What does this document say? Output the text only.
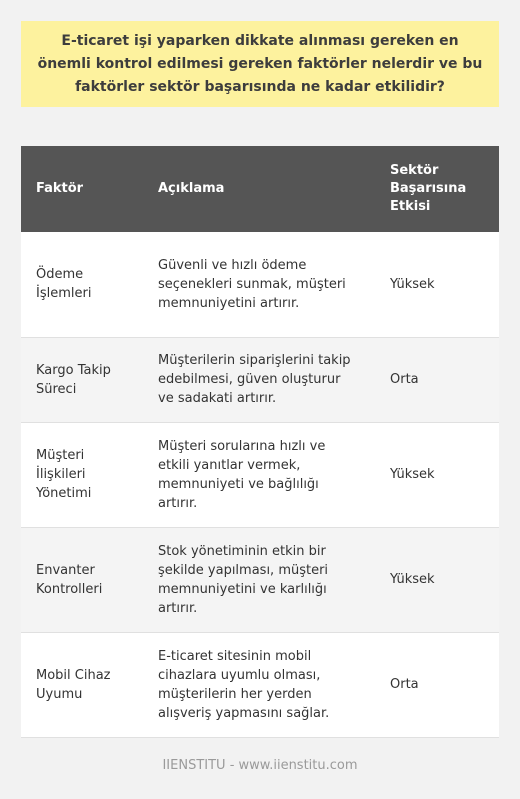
E-ticaret işi yaparken dikkate alınması gereken en önemli kontrol edilmesi gereken faktörler nelerdir ve bu faktörler sektör başarısında ne kadar etkilidir?

Faktör	Açıklama	Sektör Başarısına Etkisi
Ödeme İşlemleri	Güvenli ve hızlı ödeme seçenekleri sunmak, müşteri memnuniyetini artırır.	Yüksek
Kargo Takip Süreci	Müşterilerin siparişlerini takip edebilmesi, güven oluşturur ve sadakati artırır.	Orta
Müşteri İlişkileri Yönetimi	Müşteri sorularına hızlı ve etkili yanıtlar vermek, memnuniyeti ve bağlılığı artırır.	Yüksek
Envanter Kontrolleri	Stok yönetiminin etkin bir şekilde yapılması, müşteri memnuniyetini ve karlılığı artırır.	Yüksek
Mobil Cihaz Uyumu	E-ticaret sitesinin mobil cihazlara uyumlu olması, müşterilerin her yerden alışveriş yapmasını sağlar.	Orta
IIENSTITU - www.iienstitu.com
